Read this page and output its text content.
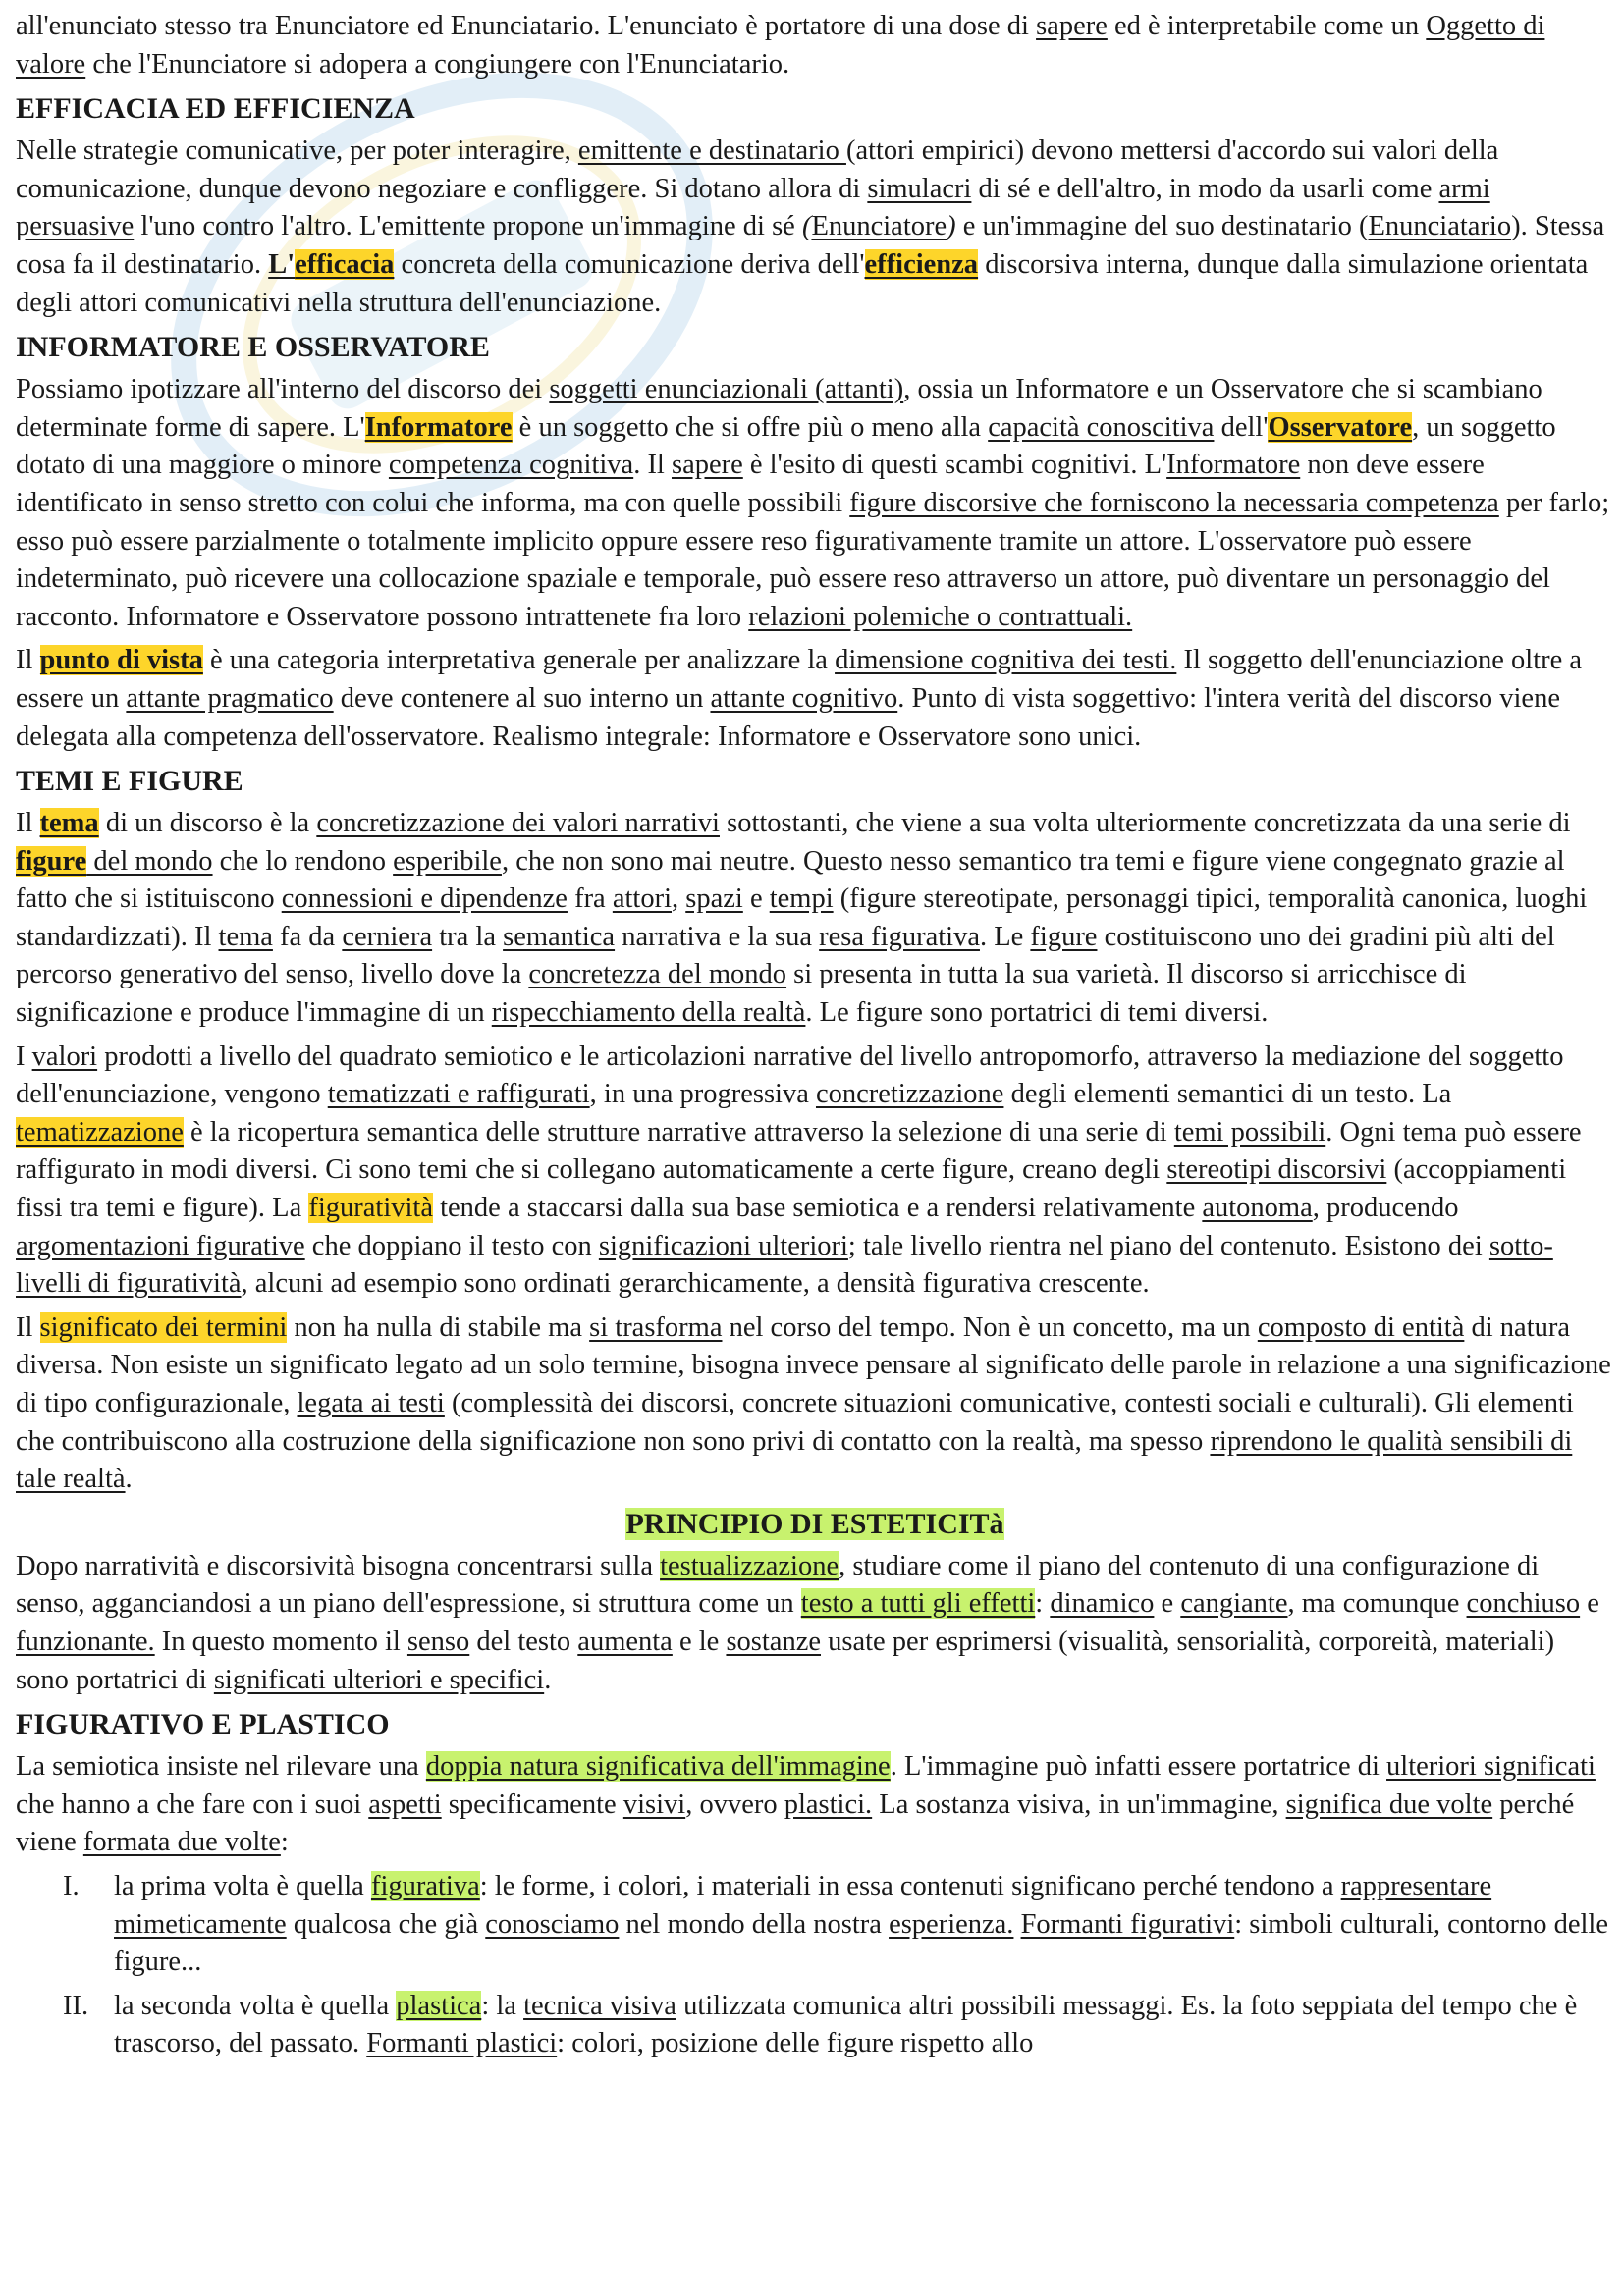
all'enunciato stesso tra Enunciatore ed Enunciatario. L'enunciato è portatore di una dose di sapere ed è interpretabile come un Oggetto di valore che l'Enunciatore si adopera a congiungere con l'Enunciatario.

EFFICACIA ED EFFICIENZA

Nelle strategie comunicative, per poter interagire, emittente e destinatario (attori empirici) devono mettersi d'accordo sui valori della comunicazione, dunque devono negoziare e confliggere. Si dotano allora di simulacri di sé e dell'altro, in modo da usarli come armi persuasive l'uno contro l'altro. L'emittente propone un'immagine di sé (Enunciatore) e un'immagine del suo destinatario (Enunciatario). Stessa cosa fa il destinatario. L'efficacia concreta della comunicazione deriva dell'efficienza discorsiva interna, dunque dalla simulazione orientata degli attori comunicativi nella struttura dell'enunciazione.

INFORMATORE E OSSERVATORE

Possiamo ipotizzare all'interno del discorso dei soggetti enunciazionali (attanti), ossia un Informatore e un Osservatore che si scambiano determinate forme di sapere. L'Informatore è un soggetto che si offre più o meno alla capacità conoscitiva dell'Osservatore, un soggetto dotato di una maggiore o minore competenza cognitiva. Il sapere è l'esito di questi scambi cognitivi. L'Informatore non deve essere identificato in senso stretto con colui che informa, ma con quelle possibili figure discorsive che forniscono la necessaria competenza per farlo; esso può essere parzialmente o totalmente implicito oppure essere reso figurativamente tramite un attore. L'osservatore può essere indeterminato, può ricevere una collocazione spaziale e temporale, può essere reso attraverso un attore, può diventare un personaggio del racconto. Informatore e Osservatore possono intrattenete fra loro relazioni polemiche o contrattuali.

Il punto di vista è una categoria interpretativa generale per analizzare la dimensione cognitiva dei testi. Il soggetto dell'enunciazione oltre a essere un attante pragmatico deve contenere al suo interno un attante cognitivo. Punto di vista soggettivo: l'intera verità del discorso viene delegata alla competenza dell'osservatore. Realismo integrale: Informatore e Osservatore sono unici.

TEMI E FIGURE

Il tema di un discorso è la concretizzazione dei valori narrativi sottostanti, che viene a sua volta ulteriormente concretizzata da una serie di figure del mondo che lo rendono esperibile, che non sono mai neutre. Questo nesso semantico tra temi e figure viene congegnato grazie al fatto che si istituiscono connessioni e dipendenze fra attori, spazi e tempi (figure stereotipate, personaggi tipici, temporalità canonica, luoghi standardizzati). Il tema fa da cerniera tra la semantica narrativa e la sua resa figurativa. Le figure costituiscono uno dei gradini più alti del percorso generativo del senso, livello dove la concretezza del mondo si presenta in tutta la sua varietà. Il discorso si arricchisce di significazione e produce l'immagine di un rispecchiamento della realtà. Le figure sono portatrici di temi diversi.

I valori prodotti a livello del quadrato semiotico e le articolazioni narrative del livello antropomorfo, attraverso la mediazione del soggetto dell'enunciazione, vengono tematizzati e raffigurati, in una progressiva concretizzazione degli elementi semantici di un testo. La tematizzazione è la ricopertura semantica delle strutture narrative attraverso la selezione di una serie di temi possibili. Ogni tema può essere raffigurato in modi diversi. Ci sono temi che si collegano automaticamente a certe figure, creano degli stereotipi discorsivi (accoppiamenti fissi tra temi e figure). La figuratività tende a staccarsi dalla sua base semiotica e a rendersi relativamente autonoma, producendo argomentazioni figurative che doppiano il testo con significazioni ulteriori; tale livello rientra nel piano del contenuto. Esistono dei sotto-livelli di figuratività, alcuni ad esempio sono ordinati gerarchicamente, a densità figurativa crescente.

Il significato dei termini non ha nulla di stabile ma si trasforma nel corso del tempo. Non è un concetto, ma un composto di entità di natura diversa. Non esiste un significato legato ad un solo termine, bisogna invece pensare al significato delle parole in relazione a una significazione di tipo configurazionale, legata ai testi (complessità dei discorsi, concrete situazioni comunicative, contesti sociali e culturali). Gli elementi che contribuiscono alla costruzione della significazione non sono privi di contatto con la realtà, ma spesso riprendono le qualità sensibili di tale realtà.

PRINCIPIO DI ESTETICITà

Dopo narratività e discorsività bisogna concentrarsi sulla testualizzazione, studiare come il piano del contenuto di una configurazione di senso, agganciandosi a un piano dell'espressione, si struttura come un testo a tutti gli effetti: dinamico e cangiante, ma comunque conchiuso e funzionante. In questo momento il senso del testo aumenta e le sostanze usate per esprimersi (visualità, sensorialità, corporeità, materiali) sono portatrici di significati ulteriori e specifici.

FIGURATIVO E PLASTICO

La semiotica insiste nel rilevare una doppia natura significativa dell'immagine. L'immagine può infatti essere portatrice di ulteriori significati che hanno a che fare con i suoi aspetti specificamente visivi, ovvero plastici. La sostanza visiva, in un'immagine, significa due volte perché viene formata due volte:

I. la prima volta è quella figurativa: le forme, i colori, i materiali in essa contenuti significano perché tendono a rappresentare mimeticamente qualcosa che già conosciamo nel mondo della nostra esperienza. Formanti figurativi: simboli culturali, contorno delle figure...
II. la seconda volta è quella plastica: la tecnica visiva utilizzata comunica altri possibili messaggi. Es. la foto seppiata del tempo che è trascorso, del passato. Formanti plastici: colori, posizione delle figure rispetto allo
